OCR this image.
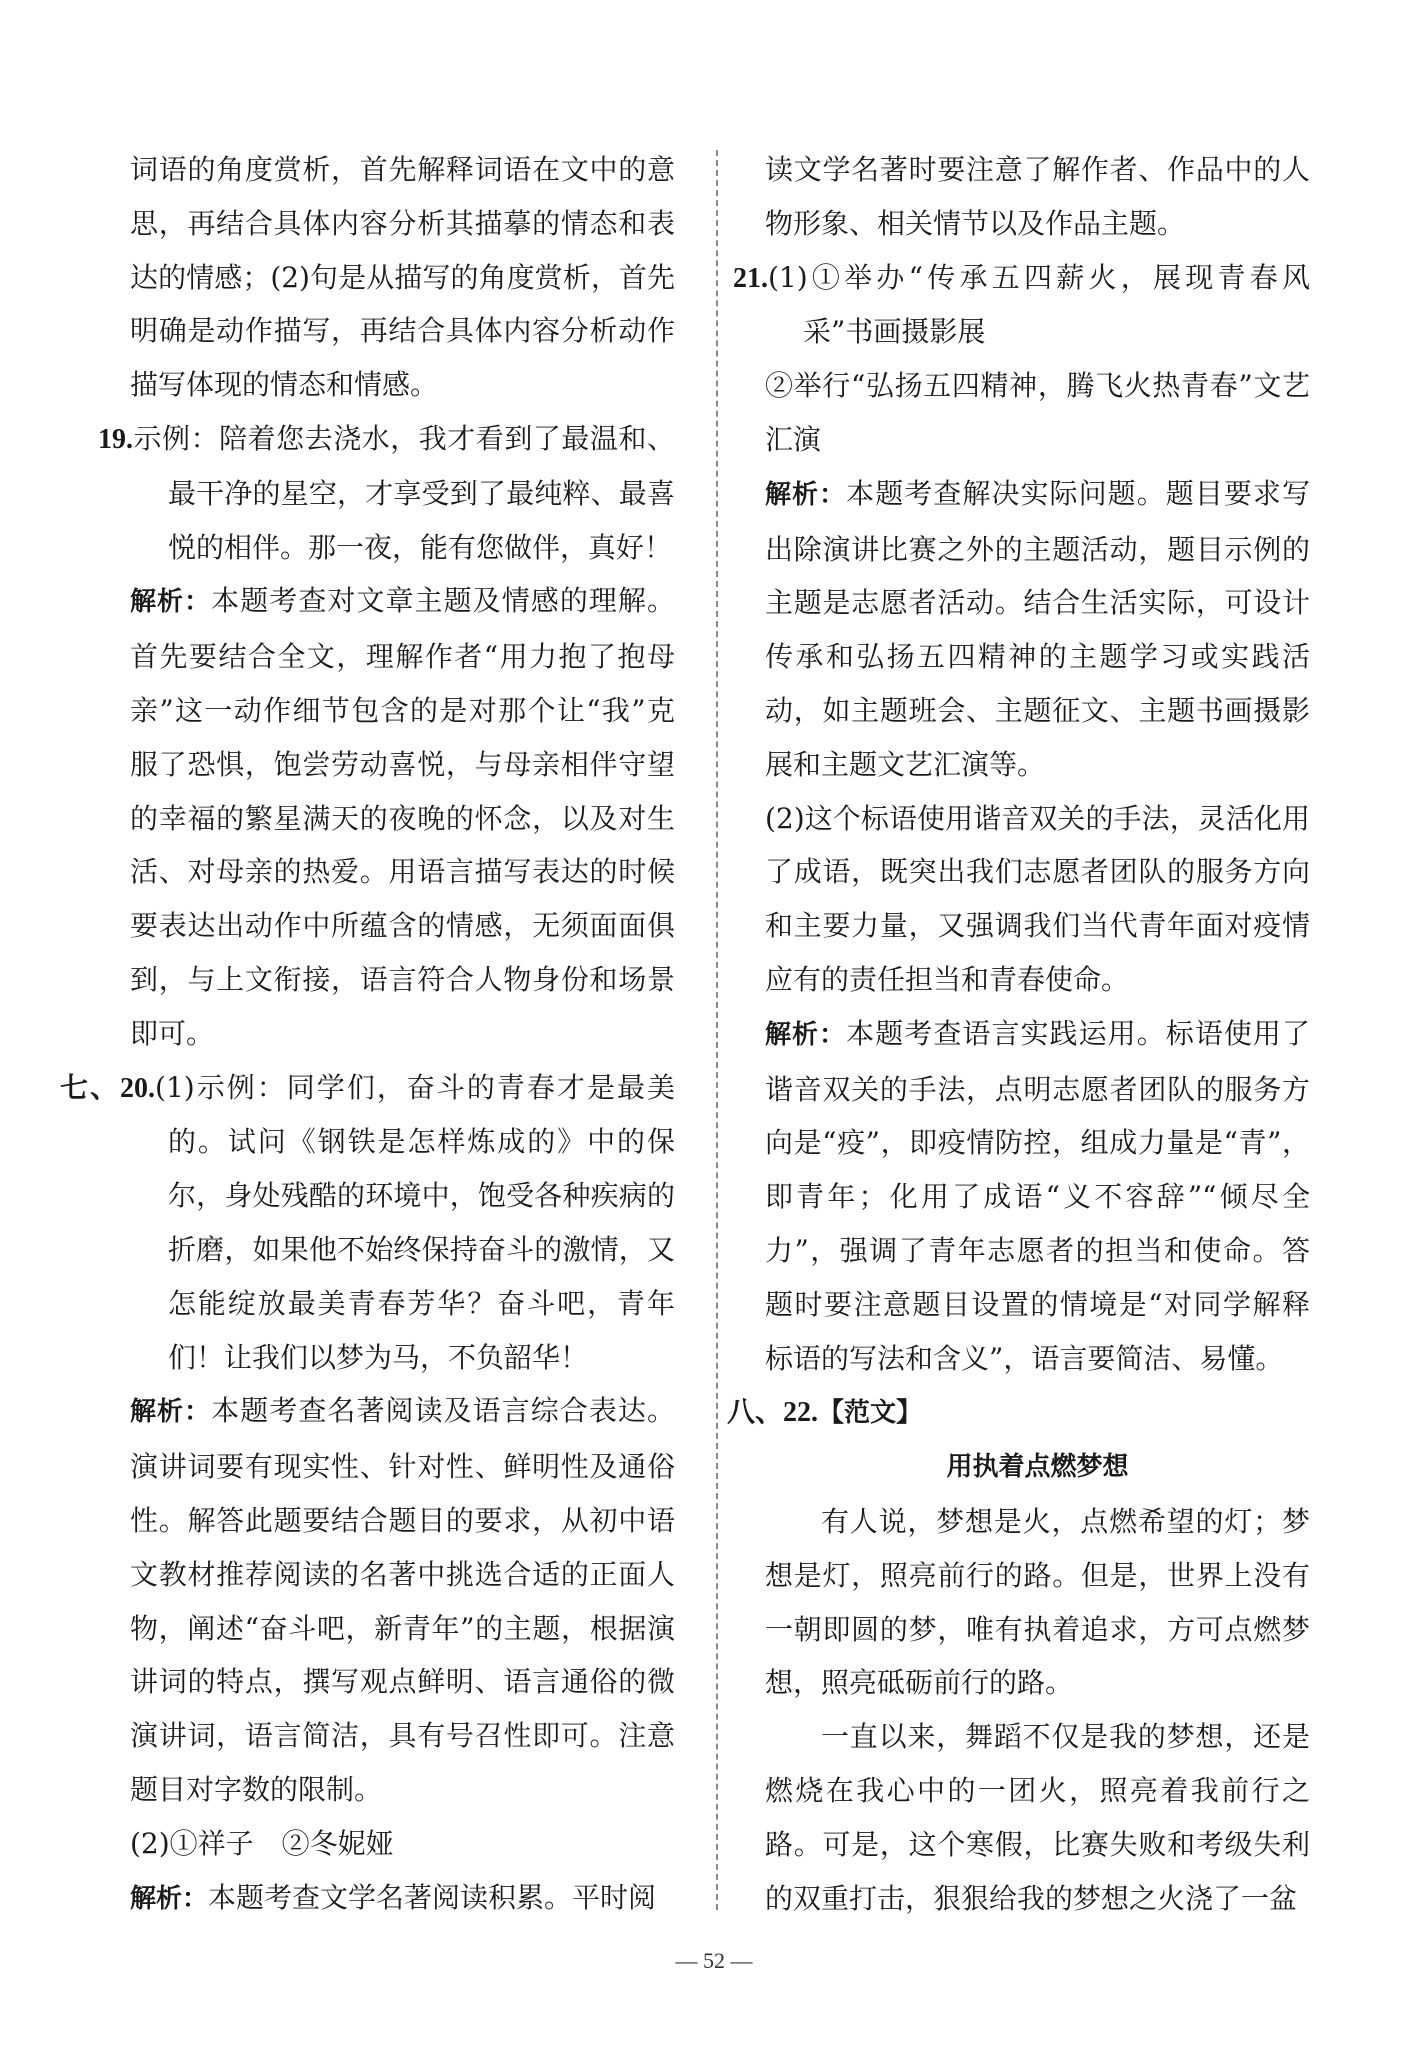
词语的角度赏析，首先解释词语在文中的意思，再结合具体内容分析其描摹的情态和表达的情感；(2)句是从描写的角度赏析，首先明确是动作描写，再结合具体内容分析动作描写体现的情态和情感。

19.示例：陪着您去浇水，我才看到了最温和、最干净的星空，才享受到了最纯粹、最喜悦的相伴。那一夜，能有您做伴，真好！

解析：本题考查对文章主题及情感的理解。首先要结合全文，理解作者“用力抱了抱母亲”这一动作细节包含的是对那个让“我”克服了恐惧，饱尝劳动喜悦，与母亲相伴守望的幸福的繁星满天的夜晚的怀念，以及对生活、对母亲的热爱。用语言描写表达的时候要表达出动作中所蕴含的情感，无须面面俱到，与上文衔接，语言符合人物身份和场景即可。

七、20.(1)示例：同学们，奋斗的青春才是最美的。试问《钢铁是怎样炼成的》中的保尔，身处残酷的环境中，饱受各种疾病的折磨，如果他不始终保持奋斗的激情，又怎能绽放最美青春芳华？奋斗吧，青年们！让我们以梦为马，不负韶华！

解析：本题考查名著阅读及语言综合表达。演讲词要有现实性、针对性、鲜明性及通俗性。解答此题要结合题目的要求，从初中语文教材推荐阅读的名著中挑选合适的正面人物，阐述“奋斗吧，新青年”的主题，根据演讲词的特点，撰写观点鲜明、语言通俗的微演讲词，语言简洁，具有号召性即可。注意题目对字数的限制。

(2)①祥子　②冬妮娅

解析：本题考查文学名著阅读积累。平时阅

读文学名著时要注意了解作者、作品中的人物形象、相关情节以及作品主题。

21.(1)①举办“传承五四薪火，展现青春风采”书画摄影展

②举行“弘扬五四精神，腾飞火热青春”文艺汇演

解析：本题考查解决实际问题。题目要求写出除演讲比赛之外的主题活动，题目示例的主题是志愿者活动。结合生活实际，可设计传承和弘扬五四精神的主题学习或实践活动，如主题班会、主题征文、主题书画摄影展和主题文艺汇演等。

(2)这个标语使用谐音双关的手法，灵活化用了成语，既突出我们志愿者团队的服务方向和主要力量，又强调我们当代青年面对疫情应有的责任担当和青春使命。

解析：本题考查语言实践运用。标语使用了谐音双关的手法，点明志愿者团队的服务方向是“疫”，即疫情防控，组成力量是“青”，即青年；化用了成语“义不容辞”“倾尽全力”，强调了青年志愿者的担当和使命。答题时要注意题目设置的情境是“对同学解释标语的写法和含义”，语言要简洁、易懂。

八、22.【范文】

用执着点燃梦想

有人说，梦想是火，点燃希望的灯；梦想是灯，照亮前行的路。但是，世界上没有一朝即圆的梦，唯有执着追求，方可点燃梦想，照亮砥砺前行的路。

一直以来，舞蹈不仅是我的梦想，还是燃烧在我心中的一团火，照亮着我前行之路。可是，这个寒假，比赛失败和考级失利的双重打击，狠狠给我的梦想之火浇了一盆

— 52 —
